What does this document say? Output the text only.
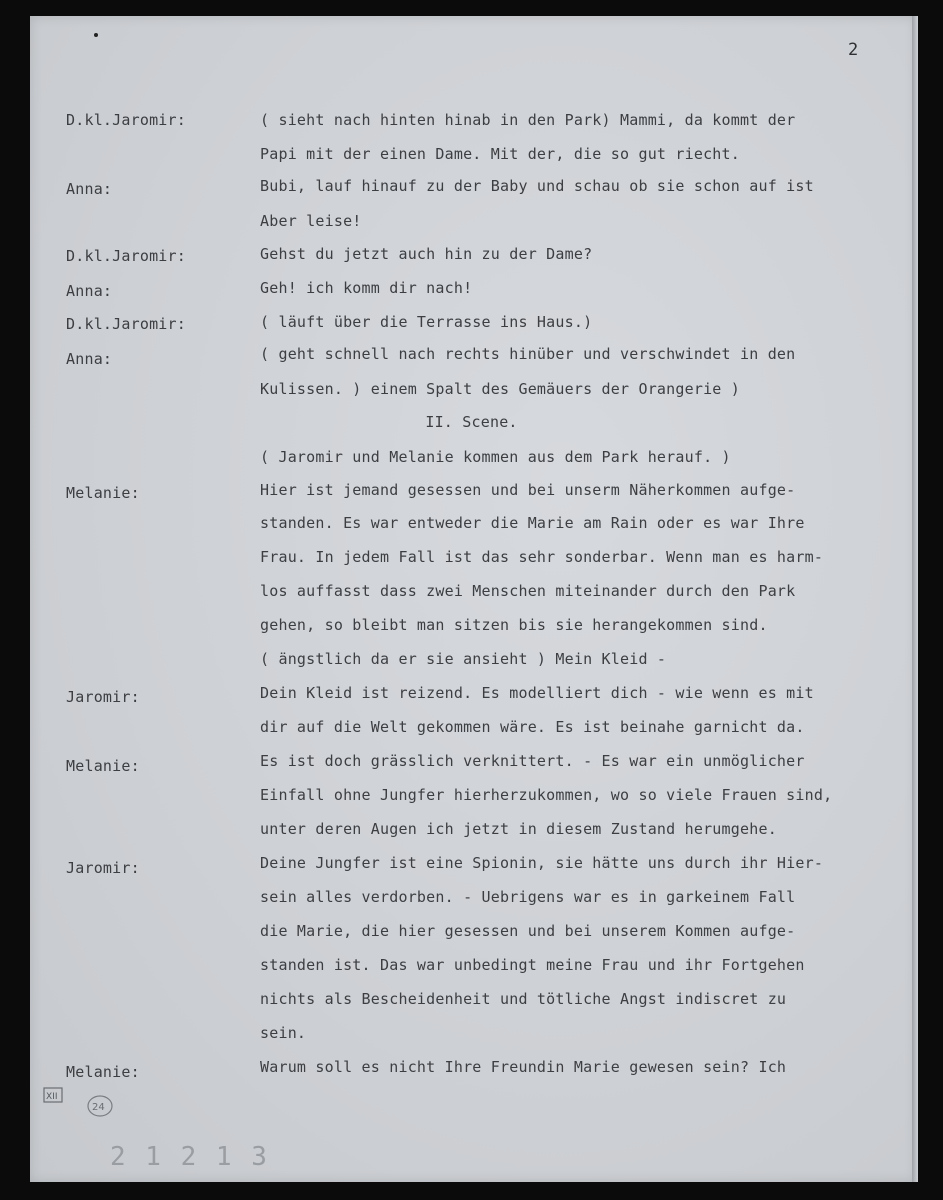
2
D.kl.Jaromir:	( sieht nach hinten hinab in den Park) Mammi, da kommt der
Papi mit der einen Dame. Mit der, die so gut riecht.
Anna:	Bubi, lauf hinauf zu der Baby und schau ob sie schon auf ist
Aber leise!
D.kl.Jaromir:	Gehst du jetzt auch hin zu der Dame?
Anna:	Geh! ich komm dir nach!
D.kl.Jaromir:	( läuft über die Terrasse ins Haus.)
Anna:	( geht schnell nach rechts hinüber und verschwindet in den
Kulissen. ) einem Spalt des Gemäuers der Orangerie )
II. Scene.
( Jaromir und Melanie kommen aus dem Park herauf. )
Melanie:	Hier ist jemand gesessen und bei unserm Näherkommen aufge-
standen. Es war entweder die Marie am Rain oder es war Ihre
Frau. In jedem Fall ist das sehr sonderbar. Wenn man es harm-
los auffasst dass zwei Menschen miteinander durch den Park
gehen, so bleibt man sitzen bis sie herangekommen sind.
( ängstlich da er sie ansieht ) Mein Kleid -
Jaromir:	Dein Kleid ist reizend. Es modelliert dich - wie wenn es mit
dir auf die Welt gekommen wäre. Es ist beinahe garnicht da.
Melanie:	Es ist doch grässlich verknittert. - Es war ein unmöglicher
Einfall ohne Jungfer hierherzukommen, wo so viele Frauen sind,
unter deren Augen ich jetzt in diesem Zustand herumgehe.
Jaromir:	Deine Jungfer ist eine Spionin, sie hätte uns durch ihr Hier-
sein alles verdorben. - Uebrigens war es in garkeinem Fall
die Marie, die hier gesessen und bei unserem Kommen aufge-
standen ist. Das war unbedingt meine Frau und ihr Fortgehen
nichts als Bescheidenheit und tötliche Angst indiscret zu
sein.
Melanie:	Warum soll es nicht Ihre Freundin Marie gewesen sein? Ich
XII
24
2 1 2 1 3
